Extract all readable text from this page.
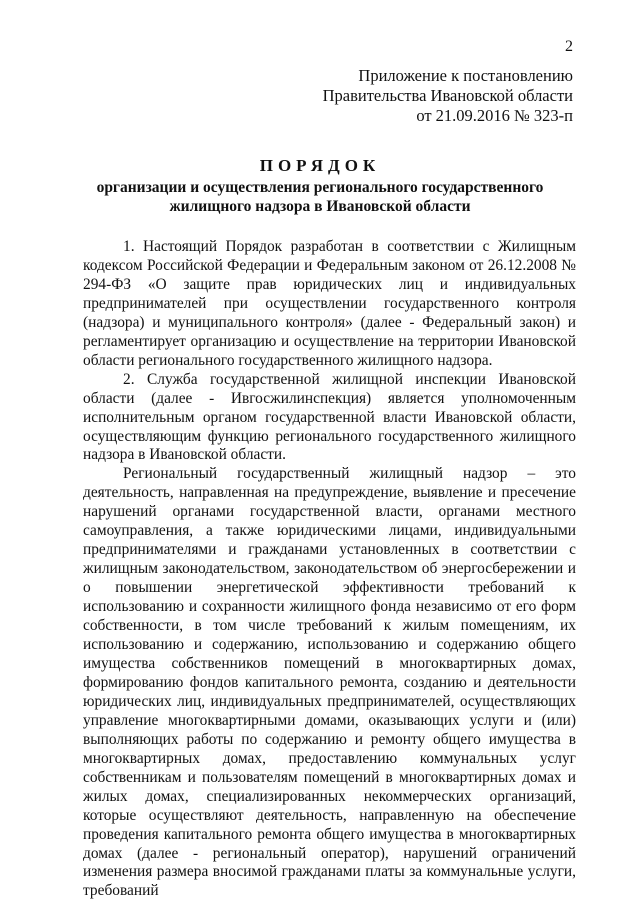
2
Приложение к постановлению
Правительства Ивановской области
от 21.09.2016 № 323-п
ПОРЯДОК
организации и осуществления регионального государственного жилищного надзора в Ивановской области

1. Настоящий Порядок разработан в соответствии с Жилищным кодексом Российской Федерации и Федеральным законом от 26.12.2008 № 294-ФЗ «О защите прав юридических лиц и индивидуальных предпринимателей при осуществлении государственного контроля (надзора) и муниципального контроля» (далее - Федеральный закон) и регламентирует организацию и осуществление на территории Ивановской области регионального государственного жилищного надзора.

2. Служба государственной жилищной инспекции Ивановской области (далее - Ивгосжилинспекция) является уполномоченным исполнительным органом государственной власти Ивановской области, осуществляющим функцию регионального государственного жилищного надзора в Ивановской области.

Региональный государственный жилищный надзор – это деятельность, направленная на предупреждение, выявление и пресечение нарушений органами государственной власти, органами местного самоуправления, а также юридическими лицами, индивидуальными предпринимателями и гражданами установленных в соответствии с жилищным законодательством, законодательством об энергосбережении и о повышении энергетической эффективности требований к использованию и сохранности жилищного фонда независимо от его форм собственности, в том числе требований к жилым помещениям, их использованию и содержанию, использованию и содержанию общего имущества собственников помещений в многоквартирных домах, формированию фондов капитального ремонта, созданию и деятельности юридических лиц, индивидуальных предпринимателей, осуществляющих управление многоквартирными домами, оказывающих услуги и (или) выполняющих работы по содержанию и ремонту общего имущества в многоквартирных домах, предоставлению коммунальных услуг собственникам и пользователям помещений в многоквартирных домах и жилых домах, специализированных некоммерческих организаций, которые осуществляют деятельность, направленную на обеспечение проведения капитального ремонта общего имущества в многоквартирных домах (далее - региональный оператор), нарушений ограничений изменения размера вносимой гражданами платы за коммунальные услуги, требований
